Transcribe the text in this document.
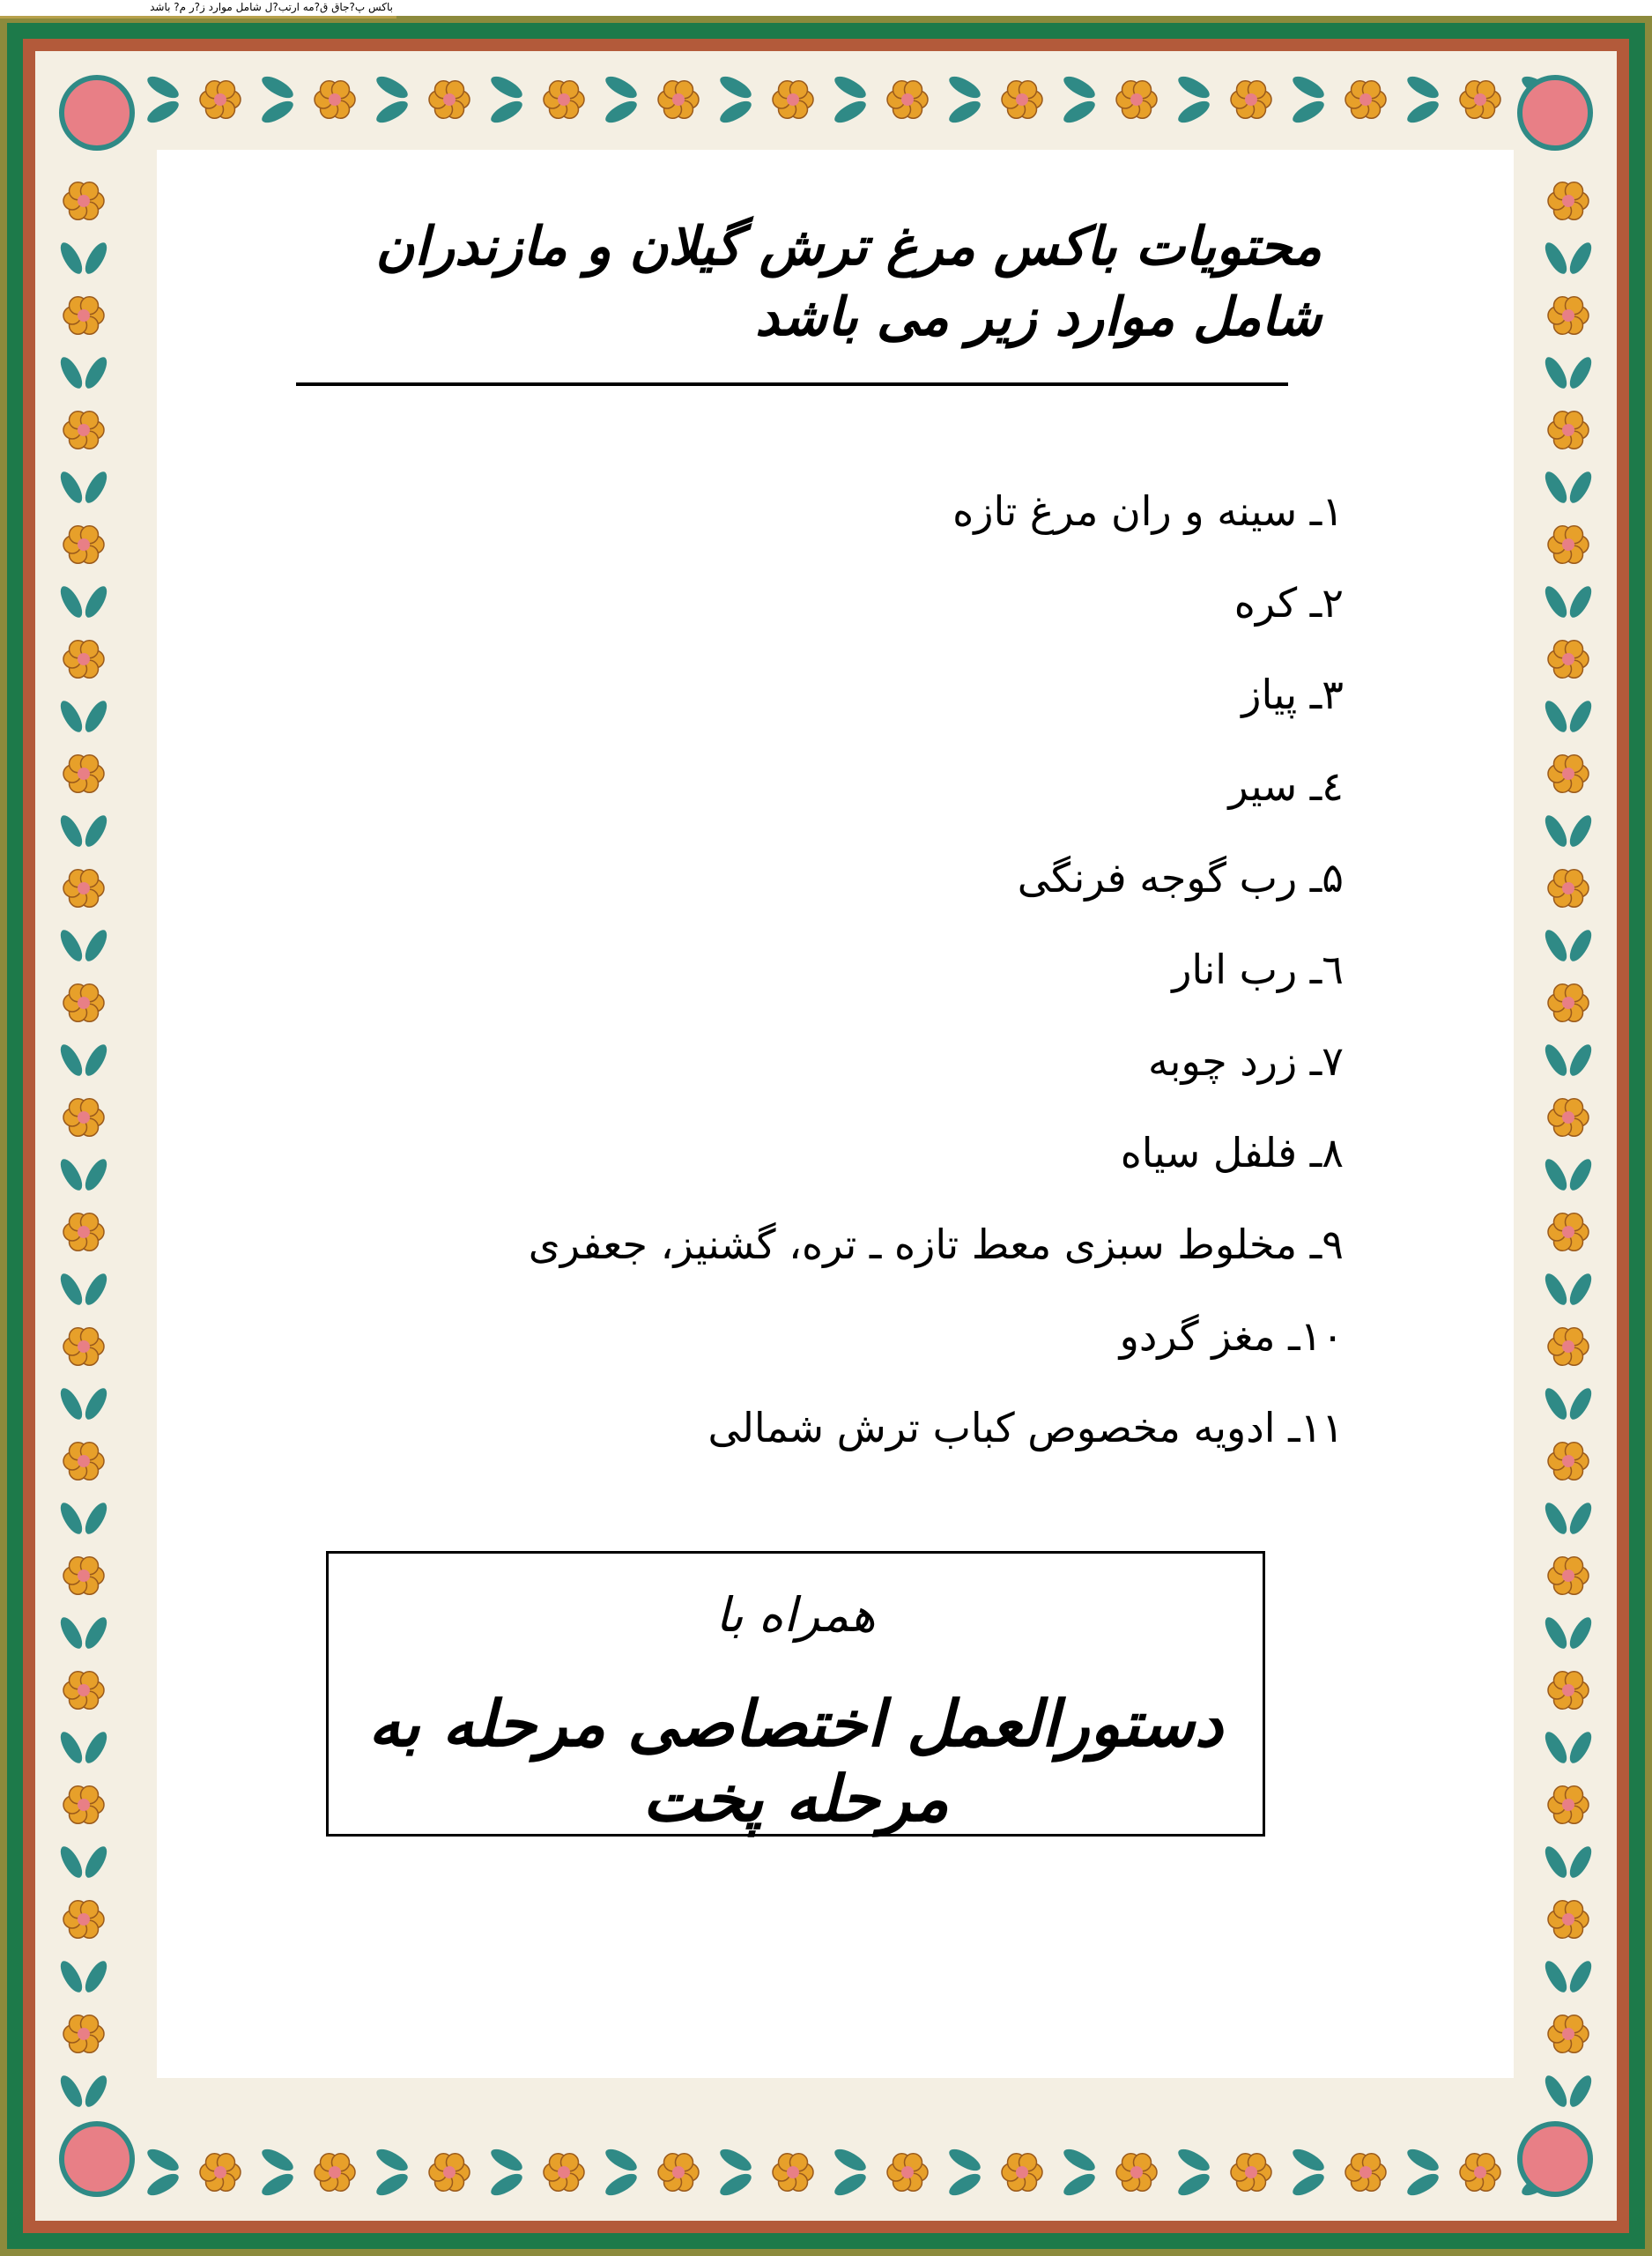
باکس پ?جاق ق?مه ارتب?ل شامل موارد ز?ر م? باشد
محتویات باکس مرغ ترش گیلان و مازندران شامل موارد زیر می باشد
۱ـ سینه و ران مرغ تازه
۲ـ کره
۳ـ پیاز
٤ـ سیر
۵ـ رب گوجه فرنگی
٦ـ رب انار
۷ـ زرد چوبه
۸ـ فلفل سیاه
۹ـ مخلوط سبزی معط تازه ـ تره، گشنیز، جعفری
۱۰ـ مغز گردو
۱۱ـ ادویه مخصوص کباب ترش شمالی
همراه با
دستورالعمل اختصاصی مرحله به مرحله پخت
